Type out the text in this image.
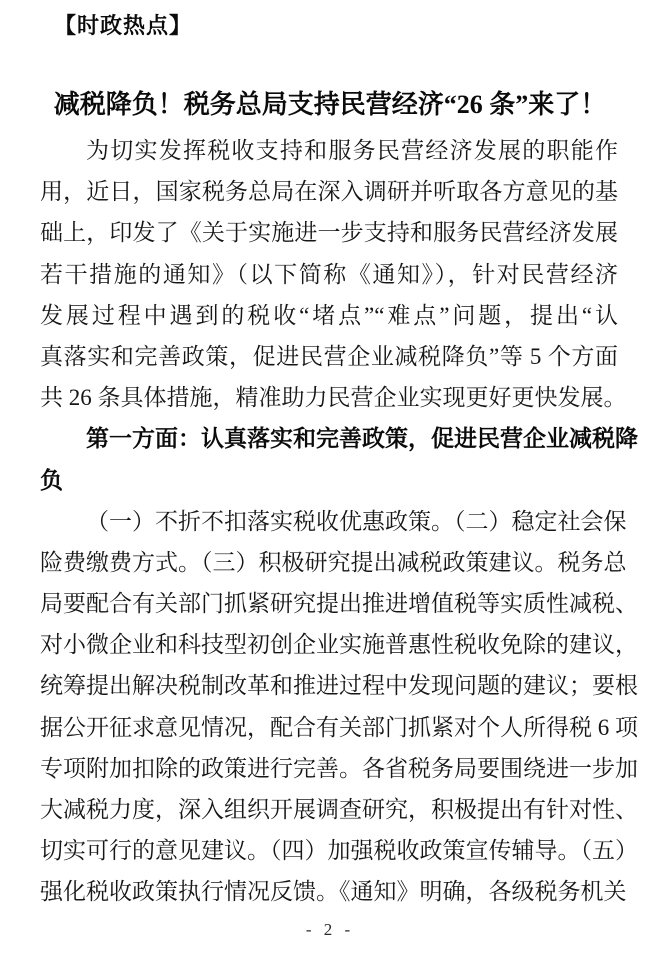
【时政热点】
减税降负！税务总局支持民营经济“26 条”来了！
为切实发挥税收支持和服务民营经济发展的职能作
用，近日，国家税务总局在深入调研并听取各方意见的基
础上，印发了《关于实施进一步支持和服务民营经济发展
若干措施的通知》（以下简称《通知》），针对民营经济
发展过程中遇到的税收“堵点”“难点”问题，提出“认
真落实和完善政策，促进民营企业减税降负”等 5 个方面
共 26 条具体措施，精准助力民营企业实现更好更快发展。
第一方面：认真落实和完善政策，促进民营企业减税降
负
（一）不折不扣落实税收优惠政策。（二）稳定社会保
险费缴费方式。（三）积极研究提出减税政策建议。税务总
局要配合有关部门抓紧研究提出推进增值税等实质性减税、
对小微企业和科技型初创企业实施普惠性税收免除的建议，
统筹提出解决税制改革和推进过程中发现问题的建议；要根
据公开征求意见情况，配合有关部门抓紧对个人所得税 6 项
专项附加扣除的政策进行完善。各省税务局要围绕进一步加
大减税力度，深入组织开展调查研究，积极提出有针对性、
切实可行的意见建议。（四）加强税收政策宣传辅导。（五）
强化税收政策执行情况反馈。《通知》明确，各级税务机关
- 2 -
